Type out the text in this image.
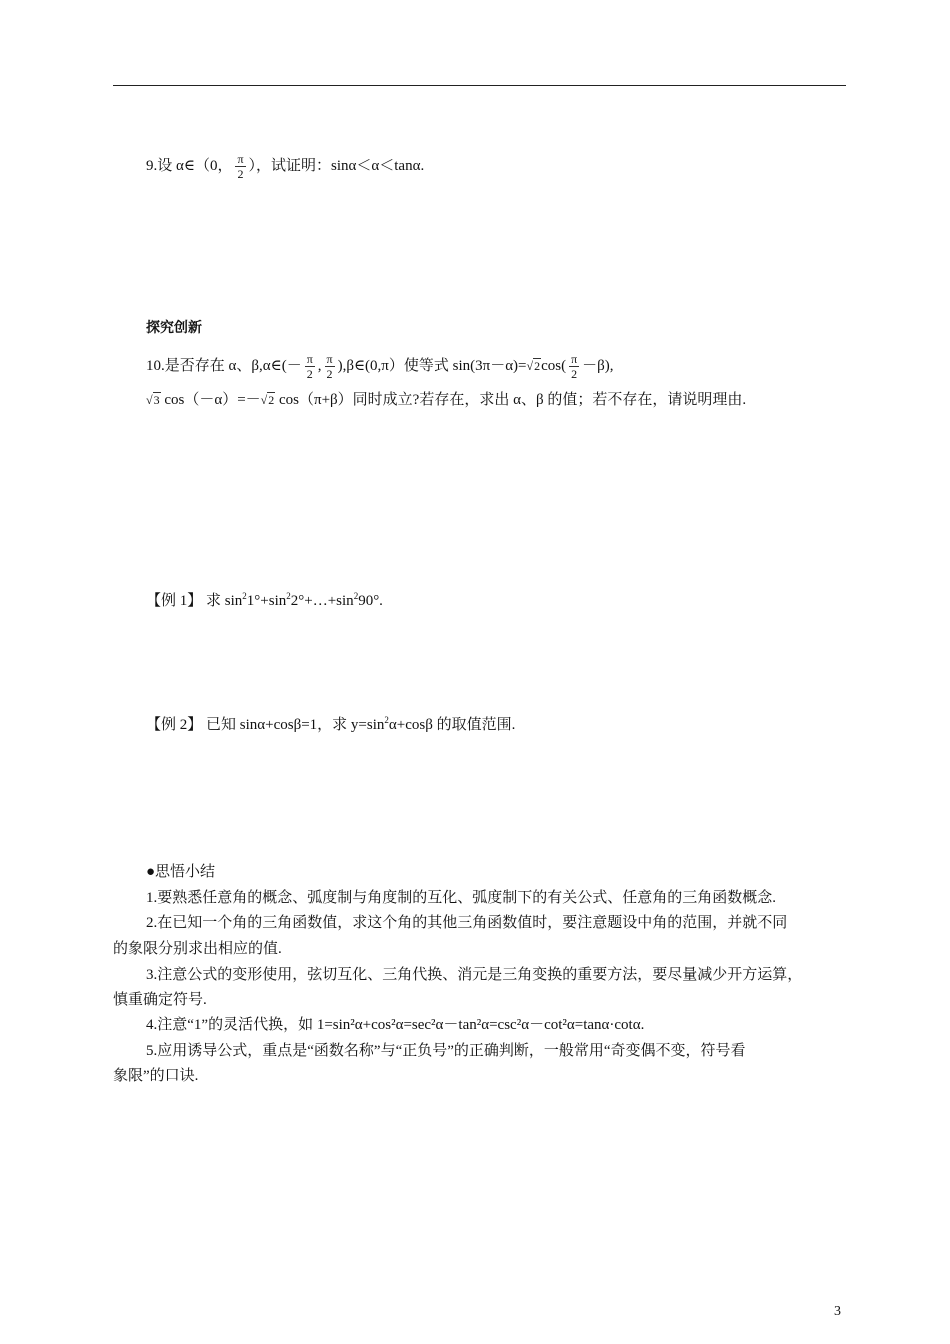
9.设 α∈（0， $\frac{\pi}{2}$ ），试证明：sinα＜α＜tanα.
探究创新
10.是否存在 α、β,α∈(－ $\frac{\pi}{2}$ , $\frac{\pi}{2}$ ),β∈(0,π）使等式 $\sin(3\pi-\alpha)=√2\cos( \frac{\pi}{2} -\beta)$,
√3 cos（－α）=－√2 cos（π+β）同时成立?若存在，求出 α、β 的值；若不存在，请说明理由.
【例 1】 求 $\sin^21^\circ+\sin^22^\circ+\dots+\sin^290^\circ$.
【例 2】 已知 sinα+cosβ=1，求 $y=\sin^2\alpha+\cos\beta$ 的取值范围.
●思悟小结
1.要熟悉任意角的概念、弧度制与角度制的互化、弧度制下的有关公式、任意角的三角函数概念.
2.在已知一个角的三角函数值，求这个角的其他三角函数值时，要注意题设中角的范围，并就不同
的象限分别求出相应的值.
3.注意公式的变形使用，弦切互化、三角代换、消元是三角变换的重要方法，要尽量减少开方运算，
慎重确定符号.
4.注意“1”的灵活代换，如 1=sin²α+cos²α=sec²α－tan²α=csc²α－cot²α=tanα·cotα.
5.应用诱导公式，重点是“函数名称”与“正负号”的正确判断，一般常用“奇变偶不变，符号看
象限”的口诀.
3
